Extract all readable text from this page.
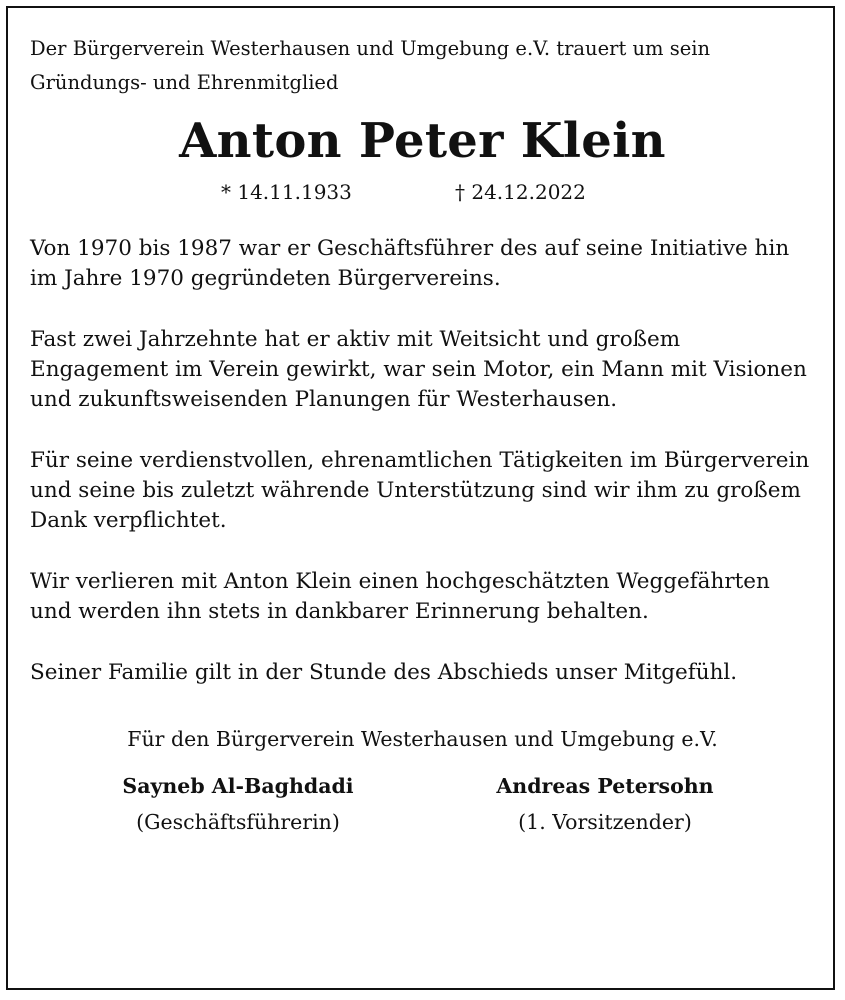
Der Bürgerverein Westerhausen und Umgebung e.V. trauert um sein Gründungs- und Ehrenmitglied

Anton Peter Klein
* 14.11.1933	† 24.12.2022

Von 1970 bis 1987 war er Geschäftsführer des auf seine Initiative hin im Jahre 1970 gegründeten Bürgervereins.

Fast zwei Jahrzehnte hat er aktiv mit Weitsicht und großem Engagement im Verein gewirkt, war sein Motor, ein Mann mit Visionen und zukunftsweisenden Planungen für Westerhausen.

Für seine verdienstvollen, ehrenamtlichen Tätigkeiten im Bürgerverein und seine bis zuletzt währende Unterstützung sind wir ihm zu großem Dank verpflichtet.

Wir verlieren mit Anton Klein einen hochgeschätzten Weggefährten und werden ihn stets in dankbarer Erinnerung behalten.

Seiner Familie gilt in der Stunde des Abschieds unser Mitgefühl.

Für den Bürgerverein Westerhausen und Umgebung e.V.
Sayneb Al-Baghdadi
(Geschäftsführerin)
Andreas Petersohn
(1. Vorsitzender)
